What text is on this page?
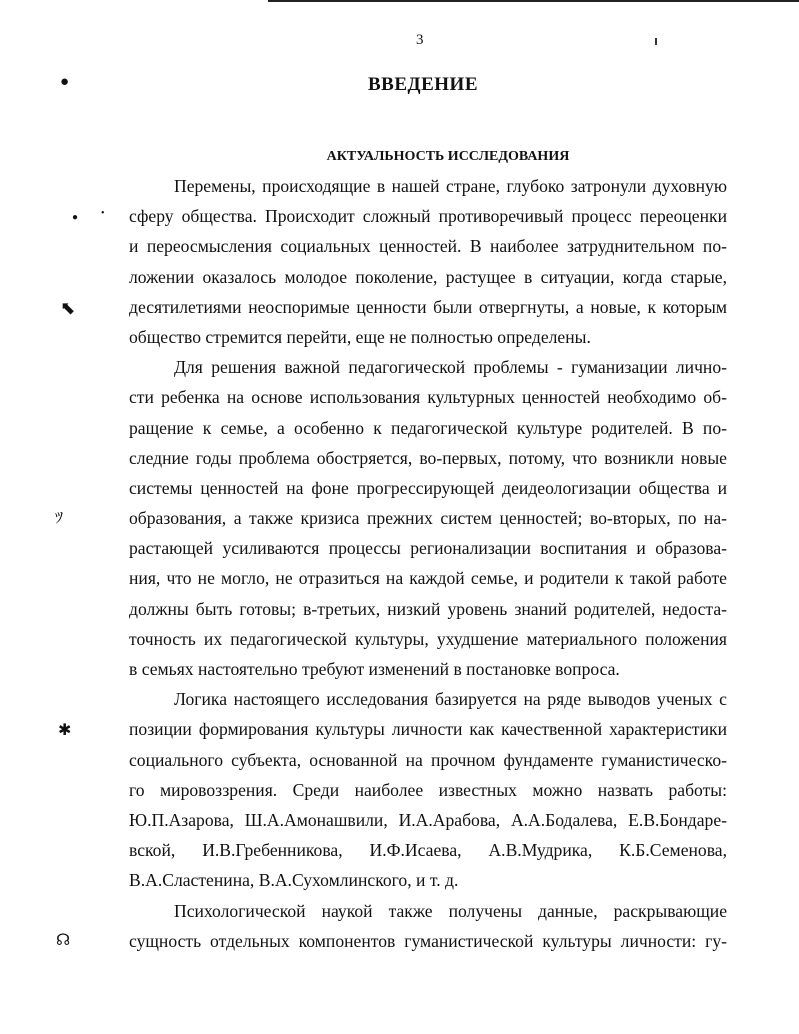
3
●
● •
⬉
ﾂ
✱
☊
ВВЕДЕНИЕ
АКТУАЛЬНОСТЬ ИССЛЕДОВАНИЯ
Перемены, происходящие в нашей стране, глубоко затронули духовную
сферу общества. Происходит сложный противоречивый процесс переоценки
и переосмысления социальных ценностей. В наиболее затруднительном по-
ложении оказалось молодое поколение, растущее в ситуации, когда старые,
десятилетиями неоспоримые ценности были отвергнуты, а новые, к которым
общество стремится перейти, еще не полностью определены.
Для решения важной педагогической проблемы - гуманизации лично-
сти ребенка на основе использования культурных ценностей необходимо об-
ращение к семье, а особенно к педагогической культуре родителей. В по-
следние годы проблема обостряется, во-первых, потому, что возникли новые
системы ценностей на фоне прогрессирующей деидеологизации общества и
образования, а также кризиса прежних систем ценностей; во-вторых, по на-
растающей усиливаются процессы регионализации воспитания и образова-
ния, что не могло, не отразиться на каждой семье, и родители к такой работе
должны быть готовы; в-третьих, низкий уровень знаний родителей, недоста-
точность их педагогической культуры, ухудшение материального положения
в семьях настоятельно требуют изменений в постановке вопроса.
Логика настоящего исследования базируется на ряде выводов ученых с
позиции формирования культуры личности как качественной характеристики
социального субъекта, основанной на прочном фундаменте гуманистическо-
го мировоззрения. Среди наиболее известных можно назвать работы:
Ю.П.Азарова, Ш.А.Амонашвили, И.А.Арабова, А.А.Бодалева, Е.В.Бондаре-
вской, И.В.Гребенникова, И.Ф.Исаева, А.В.Мудрика, К.Б.Семенова,
В.А.Сластенина, В.А.Сухомлинского, и т. д.
Психологической наукой также получены данные, раскрывающие
сущность отдельных компонентов гуманистической культуры личности: гу-
